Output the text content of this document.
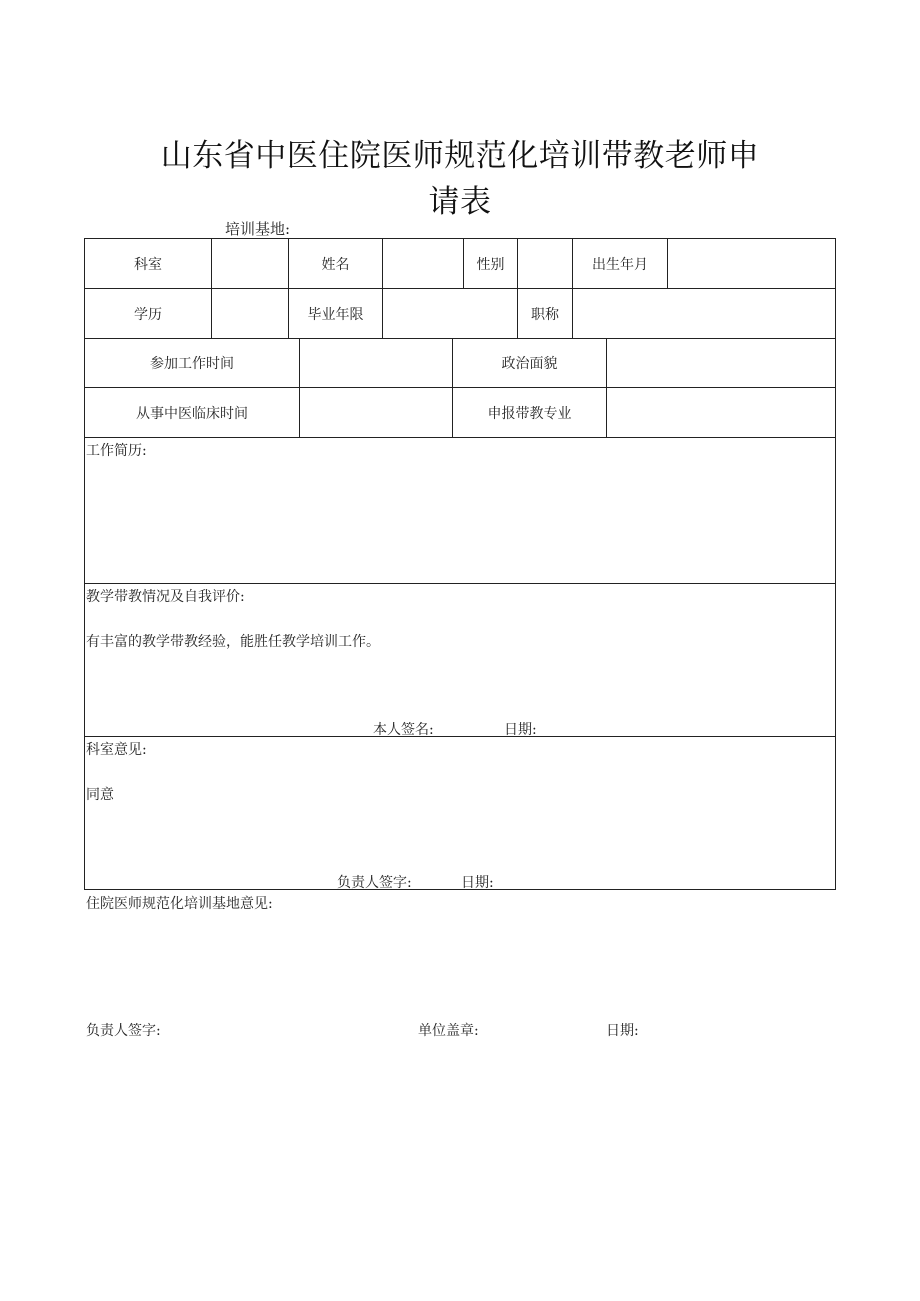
山东省中医住院医师规范化培训带教老师申
请表
培训基地:
科室	姓名	性别	出生年月
学历	毕业年限	职称
参加工作时间	政治面貌
从事中医临床时间	申报带教专业
工作简历:
教学带教情况及自我评价:
有丰富的教学带教经验，能胜任教学培训工作。
本人签名:	日期:
科室意见:
同意
负责人签字:	日期:
住院医师规范化培训基地意见:
负责人签字:	单位盖章:	日期:
